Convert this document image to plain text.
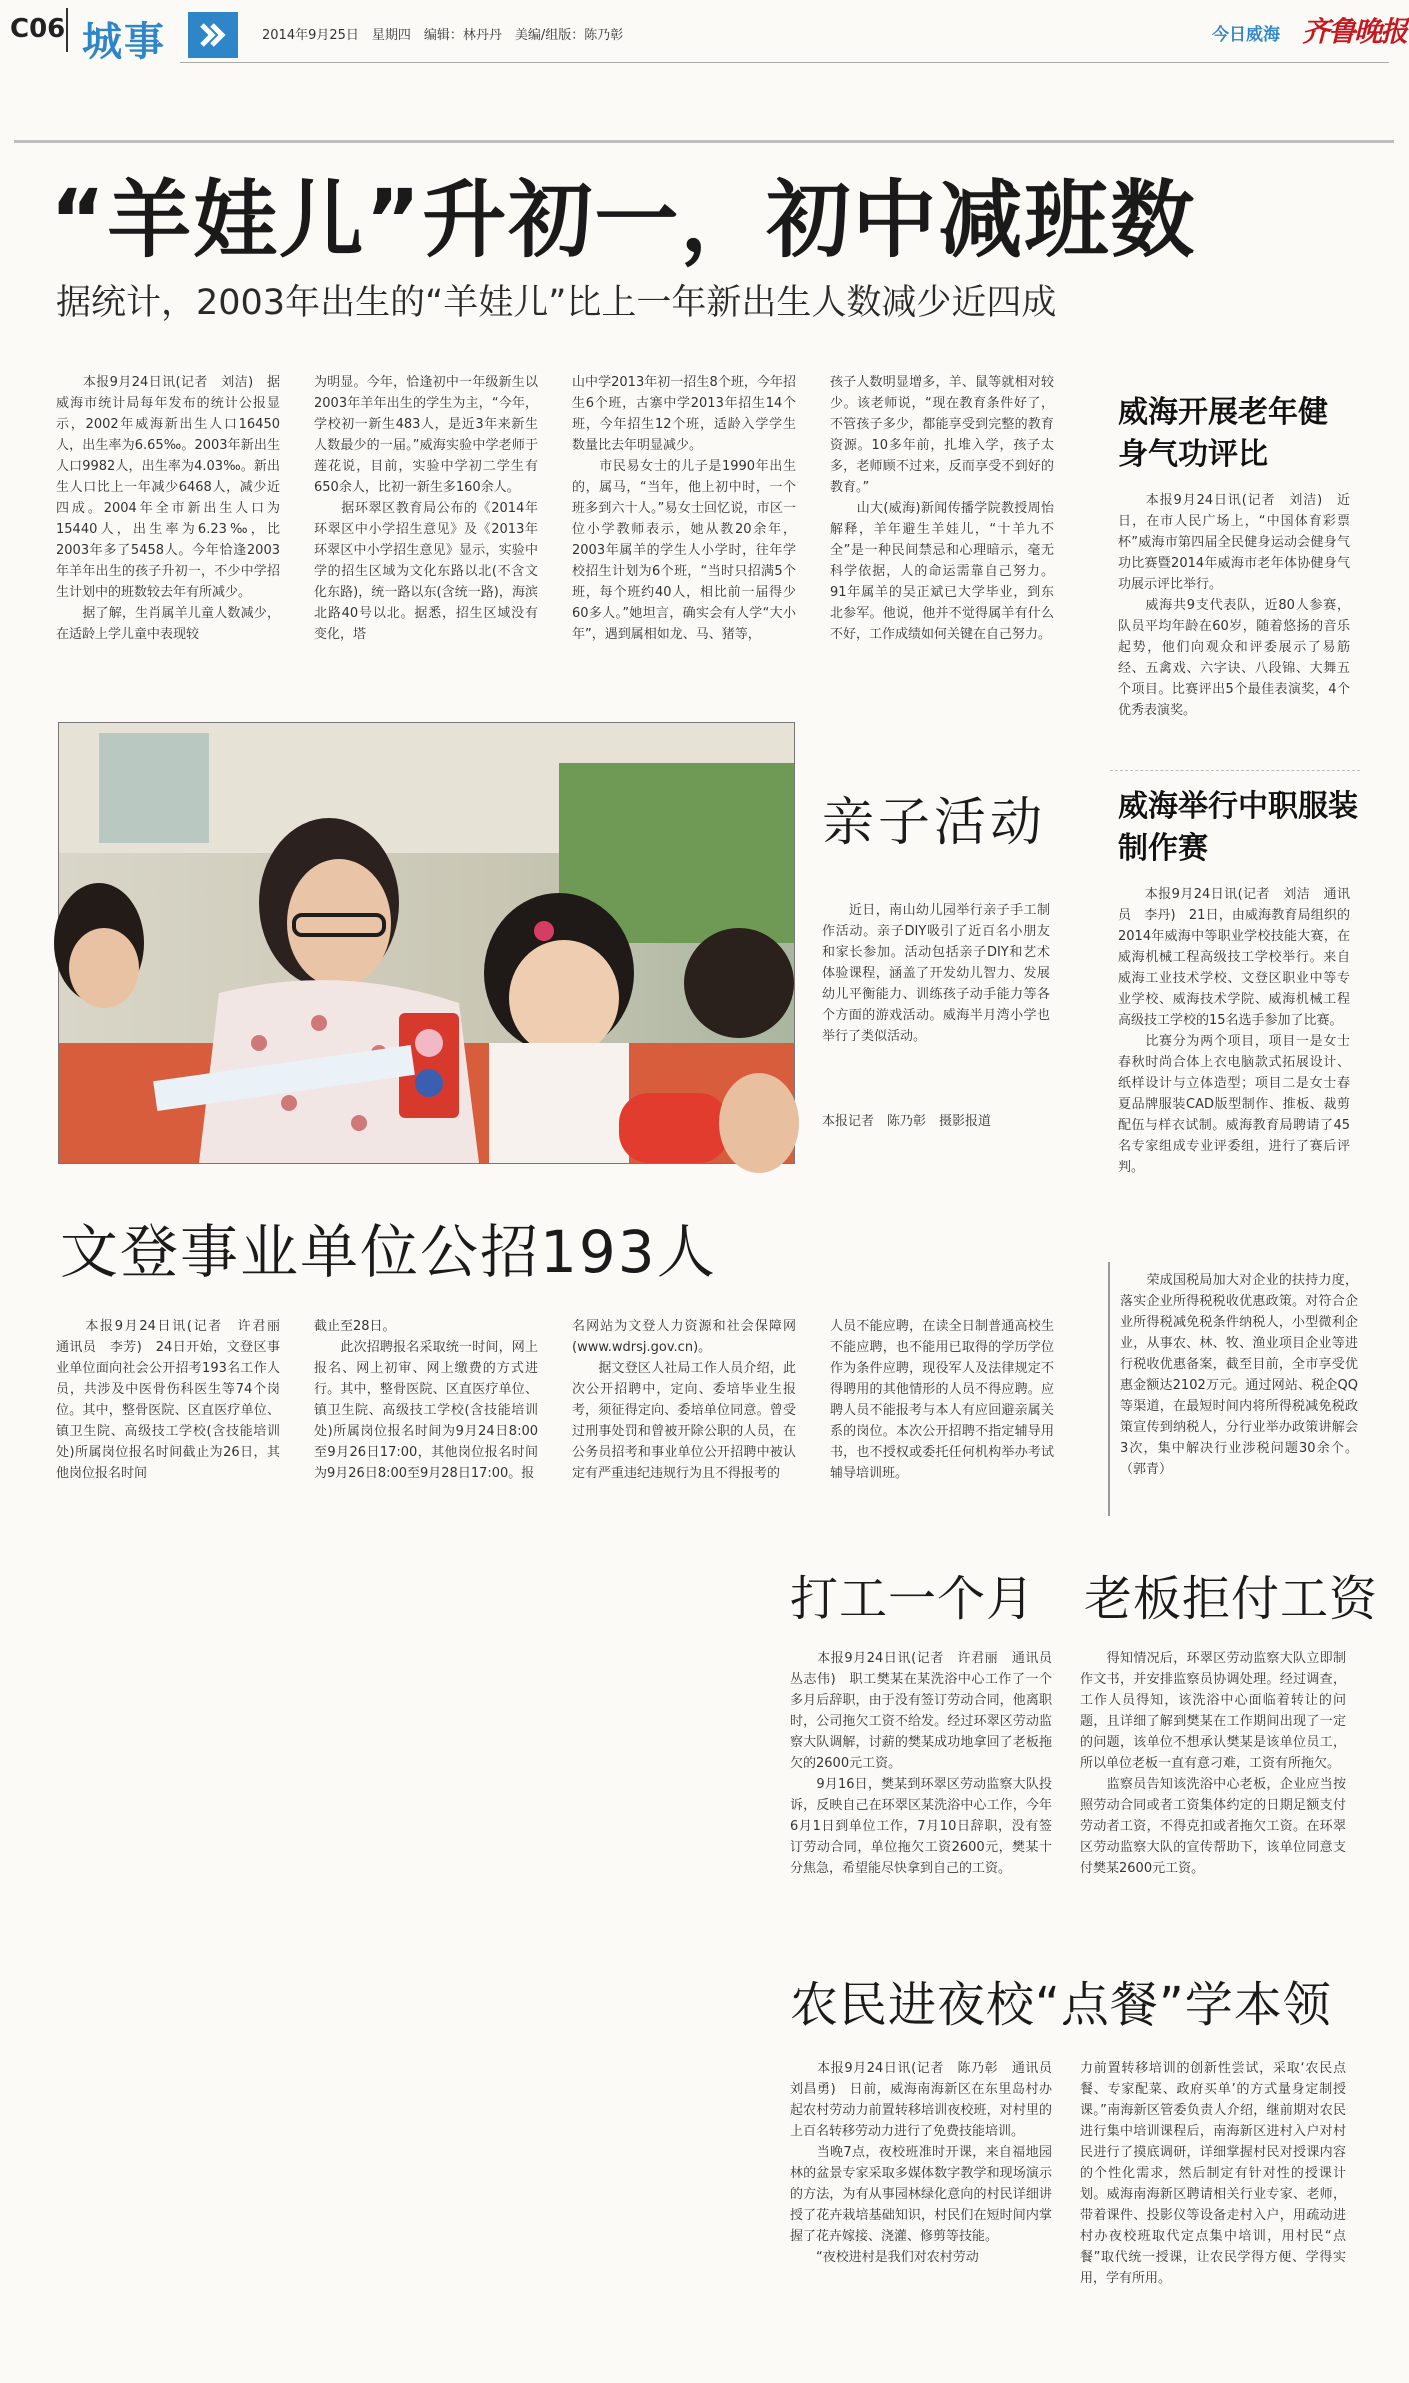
C06 城事	2014年9月25日　星期四　编辑：林丹丹　美编/组版：陈乃彰	今日威海 齐鲁晚报
“羊娃儿”升初一，初中减班数
据统计，2003年出生的“羊娃儿”比上一年新出生人数减少近四成

　　本报9月24日讯(记者　刘洁)　据威海市统计局每年发布的统计公报显示，2002年威海新出生人口16450人，出生率为6.65‰。2003年新出生人口9982人，出生率为4.03‰。新出生人口比上一年减少6468人，减少近四成。2004年全市新出生人口为15440人，出生率为6.23‰，比2003年多了5458人。今年恰逢2003年羊年出生的孩子升初一，不少中学招生计划中的班数较去年有所减少。
　　据了解，生肖属羊儿童人数减少，在适龄上学儿童中表现较

为明显。今年，恰逢初中一年级新生以2003年羊年出生的学生为主，“今年，学校初一新生483人，是近3年来新生人数最少的一届。”威海实验中学老师于莲花说，目前，实验中学初二学生有650余人，比初一新生多160余人。
　　据环翠区教育局公布的《2014年环翠区中小学招生意见》及《2013年环翠区中小学招生意见》显示，实验中学的招生区域为文化东路以北(不含文化东路)，统一路以东(含统一路)，海滨北路40号以北。据悉，招生区域没有变化，塔

山中学2013年初一招生8个班，今年招生6个班，古寨中学2013年招生14个班，今年招生12个班，适龄入学学生数量比去年明显减少。
　　市民易女士的儿子是1990年出生的，属马，“当年，他上初中时，一个班多到六十人。”易女士回忆说，市区一位小学教师表示，她从教20余年，2003年属羊的学生人小学时，往年学校招生计划为6个班，“当时只招满5个班，每个班约40人，相比前一届得少60多人。”她坦言，确实会有人学“大小年”，遇到属相如龙、马、猪等，

孩子人数明显增多，羊、鼠等就相对较少。该老师说，“现在教育条件好了，不管孩子多少，都能享受到完整的教育资源。10多年前，扎堆入学，孩子太多，老师顾不过来，反而享受不到好的教育。”
　　山大(威海)新闻传播学院教授周怡解释，羊年避生羊娃儿，“十羊九不全”是一种民间禁忌和心理暗示，毫无科学依据，人的命运需靠自己努力。91年属羊的吴正斌已大学毕业，到东北参军。他说，他并不觉得属羊有什么不好，工作成绩如何关键在自己努力。

威海开展老年健身气功评比

　　本报9月24日讯(记者　刘洁)　近日，在市人民广场上，“中国体育彩票杯”威海市第四届全民健身运动会健身气功比赛暨2014年威海市老年体协健身气功展示评比举行。
　　威海共9支代表队，近80人参赛，队员平均年龄在60岁，随着悠扬的音乐起势，他们向观众和评委展示了易筋经、五禽戏、六字诀、八段锦、大舞五个项目。比赛评出5个最佳表演奖，4个优秀表演奖。

亲子活动

　　近日，南山幼儿园举行亲子手工制作活动。亲子DIY吸引了近百名小朋友和家长参加。活动包括亲子DIY和艺术体验课程，涵盖了开发幼儿智力、发展幼儿平衡能力、训练孩子动手能力等各个方面的游戏活动。威海半月湾小学也举行了类似活动。

本报记者　陈乃彰　摄影报道
威海举行中职服装制作赛

　　本报9月24日讯(记者　刘洁　通讯员　李丹)　21日，由威海教育局组织的2014年威海中等职业学校技能大赛，在威海机械工程高级技工学校举行。来自威海工业技术学校、文登区职业中等专业学校、威海技术学院、威海机械工程高级技工学校的15名选手参加了比赛。
　　比赛分为两个项目，项目一是女士春秋时尚合体上衣电脑款式拓展设计、纸样设计与立体造型；项目二是女士春夏品牌服装CAD版型制作、推板、裁剪配伍与样衣试制。威海教育局聘请了45名专家组成专业评委组，进行了赛后评判。

文登事业单位公招193人

　　本报9月24日讯(记者　许君丽　通讯员　李芳)　24日开始，文登区事业单位面向社会公开招考193名工作人员，共涉及中医骨伤科医生等74个岗位。其中，整骨医院、区直医疗单位、镇卫生院、高级技工学校(含技能培训处)所属岗位报名时间截止为26日，其他岗位报名时间

截止至28日。
　　此次招聘报名采取统一时间，网上报名、网上初审、网上缴费的方式进行。其中，整骨医院、区直医疗单位、镇卫生院、高级技工学校(含技能培训处)所属岗位报名时间为9月24日8:00至9月26日17:00，其他岗位报名时间为9月26日8:00至9月28日17:00。报

名网站为文登人力资源和社会保障网(www.wdrsj.gov.cn)。
　　据文登区人社局工作人员介绍，此次公开招聘中，定向、委培毕业生报考，须征得定向、委培单位同意。曾受过刑事处罚和曾被开除公职的人员，在公务员招考和事业单位公开招聘中被认定有严重违纪违规行为且不得报考的

人员不能应聘，在读全日制普通高校生不能应聘，也不能用已取得的学历学位作为条件应聘，现役军人及法律规定不得聘用的其他情形的人员不得应聘。应聘人员不能报考与本人有应回避亲属关系的岗位。本次公开招聘不指定辅导用书，也不授权或委托任何机构举办考试辅导培训班。

　　荣成国税局加大对企业的扶持力度，落实企业所得税税收优惠政策。对符合企业所得税减免税条件纳税人，小型微利企业，从事农、林、牧、渔业项目企业等进行税收优惠备案，截至目前，全市享受优惠金额达2102万元。通过网站、税企QQ等渠道，在最短时间内将所得税减免税政策宣传到纳税人，分行业举办政策讲解会3次，集中解决行业涉税问题30余个。（郭青）

打工一个月　老板拒付工资

　　本报9月24日讯(记者　许君丽　通讯员　丛志伟)　职工樊某在某洗浴中心工作了一个多月后辞职，由于没有签订劳动合同，他离职时，公司拖欠工资不给发。经过环翠区劳动监察大队调解，讨薪的樊某成功地拿回了老板拖欠的2600元工资。
　　9月16日，樊某到环翠区劳动监察大队投诉，反映自己在环翠区某洗浴中心工作，今年6月1日到单位工作，7月10日辞职，没有签订劳动合同，单位拖欠工资2600元，樊某十分焦急，希望能尽快拿到自己的工资。

　　得知情况后，环翠区劳动监察大队立即制作文书，并安排监察员协调处理。经过调查，工作人员得知，该洗浴中心面临着转让的问题，且详细了解到樊某在工作期间出现了一定的问题，该单位不想承认樊某是该单位员工，所以单位老板一直有意刁难，工资有所拖欠。
　　监察员告知该洗浴中心老板，企业应当按照劳动合同或者工资集体约定的日期足额支付劳动者工资，不得克扣或者拖欠工资。在环翠区劳动监察大队的宣传帮助下，该单位同意支付樊某2600元工资。

农民进夜校“点餐”学本领

　　本报9月24日讯(记者　陈乃彰　通讯员　刘昌勇)　日前，威海南海新区在东里岛村办起农村劳动力前置转移培训夜校班，对村里的上百名转移劳动力进行了免费技能培训。
　　当晚7点，夜校班准时开课，来自福地园林的盆景专家采取多媒体数字教学和现场演示的方法，为有从事园林绿化意向的村民详细讲授了花卉栽培基础知识，村民们在短时间内掌握了花卉嫁接、浇灌、修剪等技能。
　　“夜校进村是我们对农村劳动

力前置转移培训的创新性尝试，采取‘农民点餐、专家配菜、政府买单’的方式量身定制授课。”南海新区管委负责人介绍，继前期对农民进行集中培训课程后，南海新区进村入户对村民进行了摸底调研，详细掌握村民对授课内容的个性化需求，然后制定有针对性的授课计划。威海南海新区聘请相关行业专家、老师，带着课件、投影仪等设备走村入户，用疏动进村办夜校班取代定点集中培训，用村民“点餐”取代统一授课，让农民学得方便、学得实用，学有所用。
